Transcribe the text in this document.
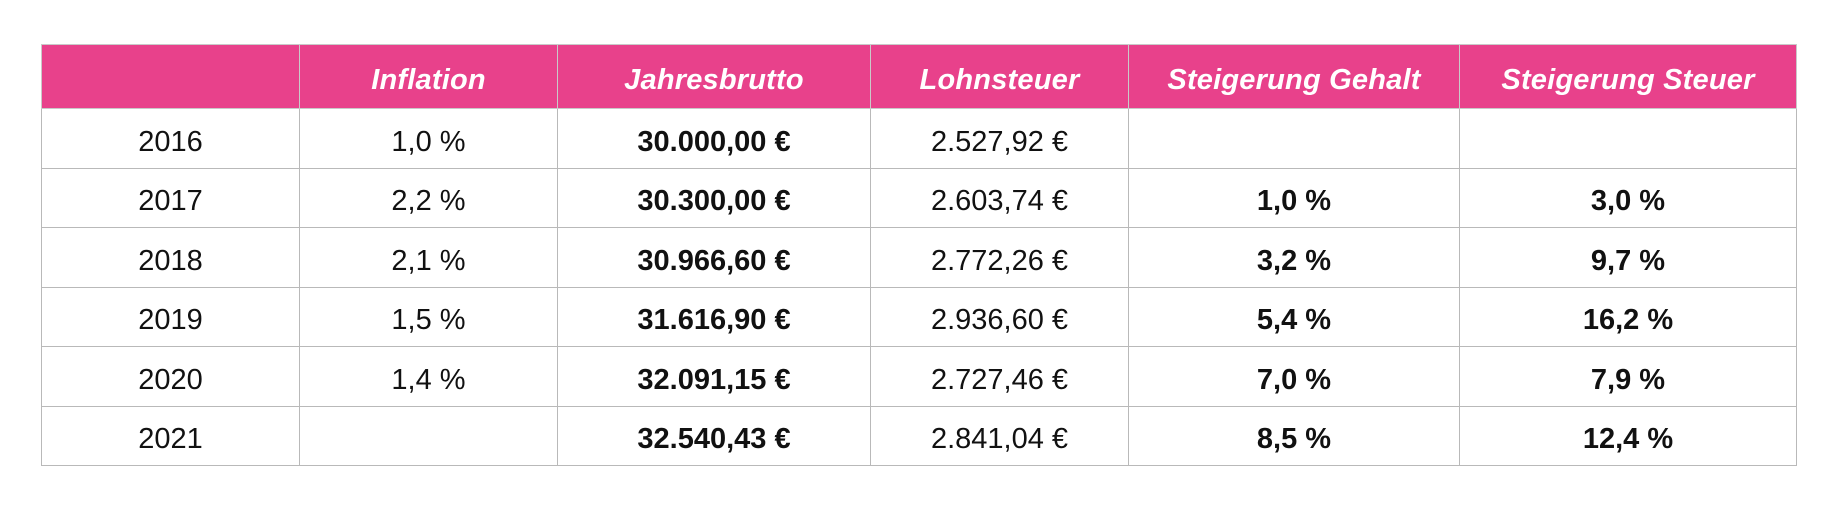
	Inflation	Jahresbrutto	Lohnsteuer	Steigerung Gehalt	Steigerung Steuer
2016	1,0 %	30.000,00 €	2.527,92 €		
2017	2,2 %	30.300,00 €	2.603,74 €	1,0 %	3,0 %
2018	2,1 %	30.966,60 €	2.772,26 €	3,2 %	9,7 %
2019	1,5 %	31.616,90 €	2.936,60 €	5,4 %	16,2 %
2020	1,4 %	32.091,15 €	2.727,46 €	7,0 %	7,9 %
2021		32.540,43 €	2.841,04 €	8,5 %	12,4 %
